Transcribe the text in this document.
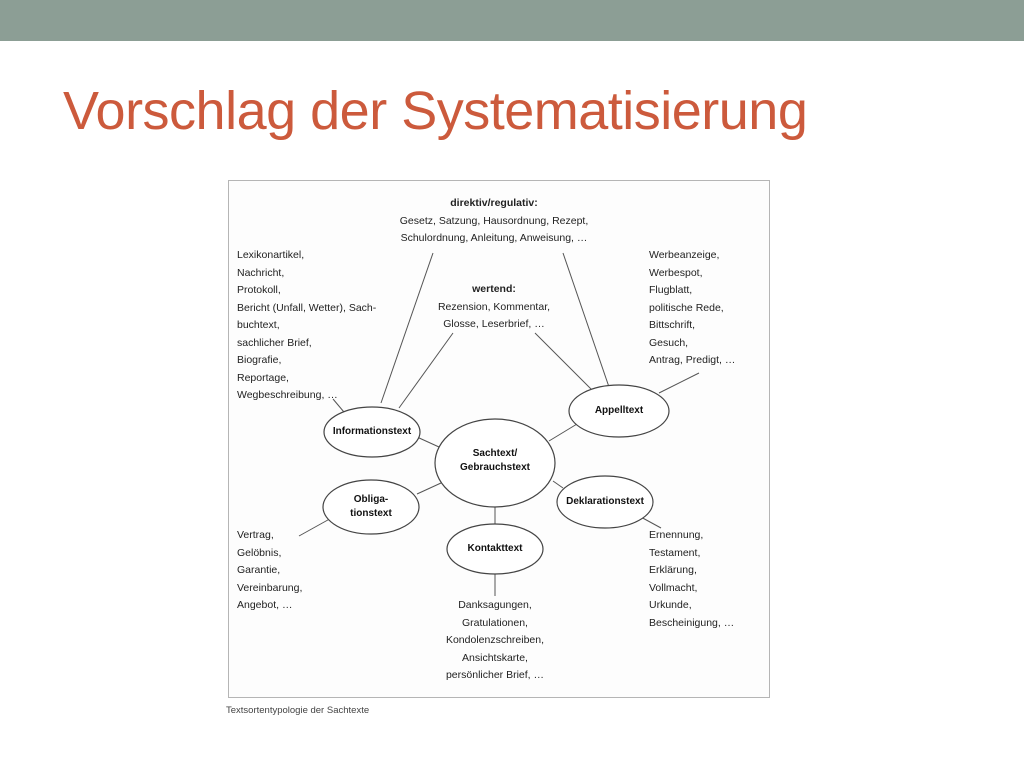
Vorschlag der Systematisierung
direktiv/regulativ:
Gesetz, Satzung, Hausordnung, Rezept,
Schulordnung, Anleitung, Anweisung, …
wertend:
Rezension, Kommentar,
Glosse, Leserbrief, …
Lexikonartikel,
Nachricht,
Protokoll,
Bericht (Unfall, Wetter), Sach-
buchtext,
sachlicher Brief,
Biografie,
Reportage,
Wegbeschreibung, …
Werbeanzeige,
Werbespot,
Flugblatt,
politische Rede,
Bittschrift,
Gesuch,
Antrag, Predigt, …
Vertrag,
Gelöbnis,
Garantie,
Vereinbarung,
Angebot, …
Ernennung,
Testament,
Erklärung,
Vollmacht,
Urkunde,
Bescheinigung, …
Danksagungen,
Gratulationen,
Kondolenzschreiben,
Ansichtskarte,
persönlicher Brief, …
Sachtext/
Gebrauchstext
Informationstext
Appelltext
Obliga-
tionstext
Deklarationstext
Kontakttext
Textsortentypologie der Sachtexte
